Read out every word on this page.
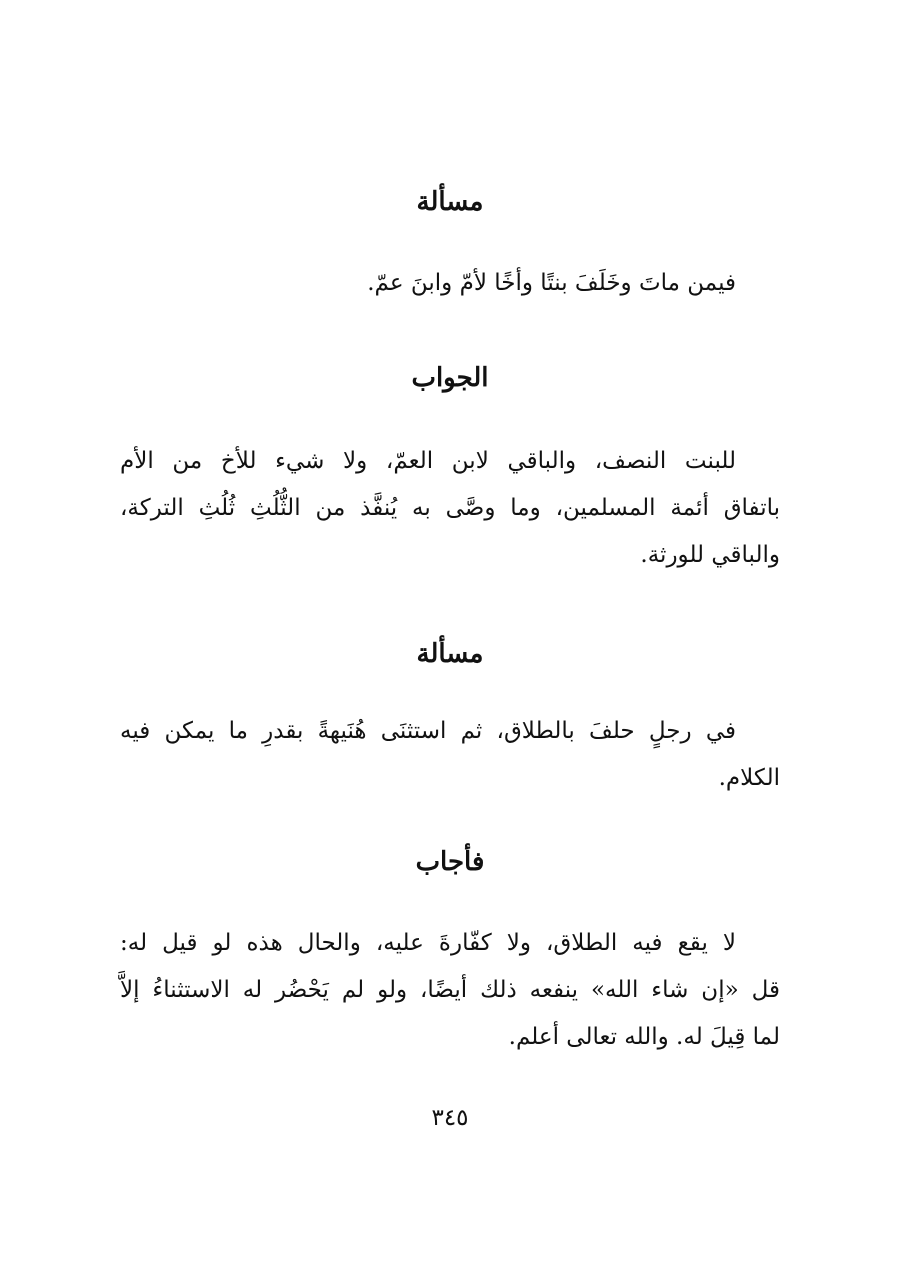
مسألة
فيمن ماتَ وخَلَفَ بنتًا وأخًا لأمّ وابنَ عمّ.
الجواب
للبنت النصف، والباقي لابن العمّ، ولا شيء للأخ من الأم
باتفاق أئمة المسلمين، وما وصَّى به يُنفَّذ من الثُّلُثِ ثُلُثِ التركة،
والباقي للورثة.
مسألة
في رجلٍ حلفَ بالطلاق، ثم استثنَى هُنَيهةً بقدرِ ما يمكن فيه
الكلام.
فأجاب
لا يقع فيه الطلاق، ولا كفّارةَ عليه، والحال هذه لو قيل له:
قل «إن شاء الله» ينفعه ذلك أيضًا، ولو لم يَحْضُر له الاستثناءُ إلاَّ
لما قِيلَ له. والله تعالى أعلم.
٣٤٥
